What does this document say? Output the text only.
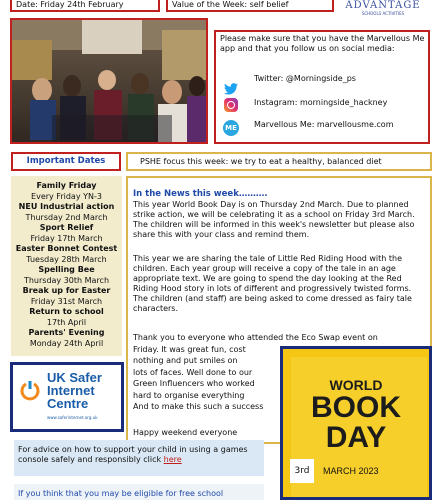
Date: Friday 24th February	Value of the Week: self belief	ADVANTAGE
SCHOOLS ACTIVITIES
Please make sure that you have the Marvellous Me app and that you follow us on social media:
Twitter: @Morningside_ps
Instagram: morningside_hackney
ME Marvellous Me: marvellousme.com
Important Dates	PSHE focus this week: we try to eat a healthy, balanced diet
Family Friday
Every Friday YN-3
NEU Industrial action
Thursday 2nd March
Sport Relief
Friday 17th March
Easter Bonnet Contest
Tuesday 28th March
Spelling Bee
Thursday 30th March
Break up for Easter
Friday 31st March
Return to school
17th April
Parents' Evening
Monday 24th April
UK Safer
Internet
Centre
www.saferinternet.org.uk
In the News this week……….
This year World Book Day is on Thursday 2nd March. Due to planned strike action, we will be celebrating it as a school on Friday 3rd March. The children will be informed in this week's newsletter but please also share this with your class and remind them.
This year we are sharing the tale of Little Red Riding Hood with the children. Each year group will receive a copy of the tale in an age appropriate text. We are going to spend the day looking at the Red Riding Hood story in lots of different and progressively twisted forms. The children (and staff) are being asked to come dressed as fairy tale characters.
Thank you to everyone who attended the Eco Swap event on
Friday. It was great fun, cost
nothing and put smiles on
lots of faces. Well done to our
Green Influencers who worked
hard to organise everything
And to make this such a success
Happy weekend everyone
WORLD
BOOK
DAY
3rd	MARCH 2023
For advice on how to support your child in using a games console safely and responsibly click here
If you think that you may be eligible for free school
